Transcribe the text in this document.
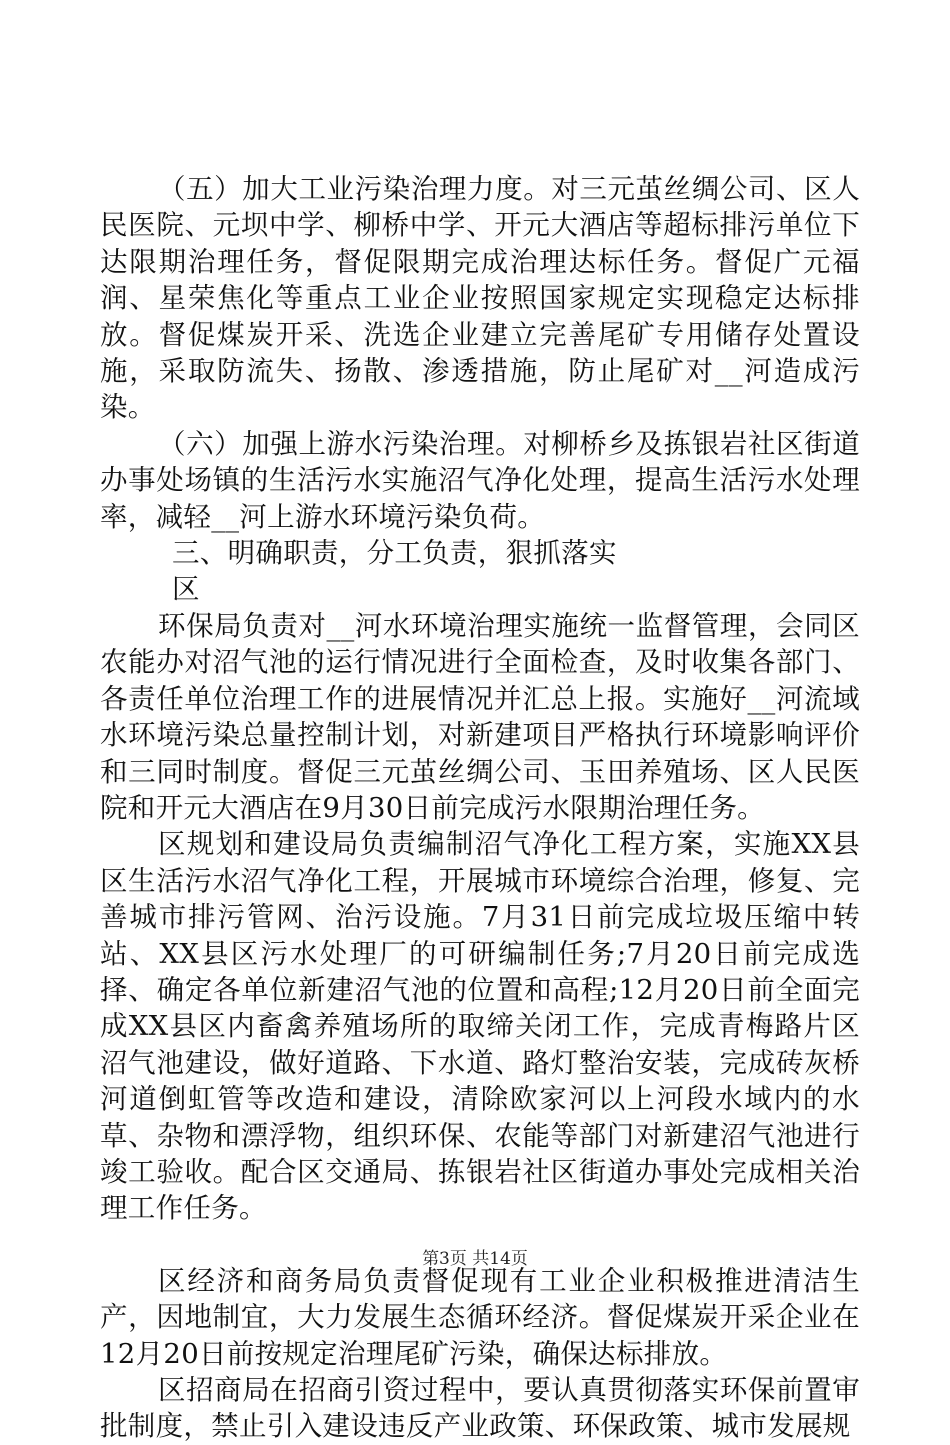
（五）加大工业污染治理力度。对三元茧丝绸公司、区人民医院、元坝中学、柳桥中学、开元大酒店等超标排污单位下达限期治理任务，督促限期完成治理达标任务。督促广元福润、星荣焦化等重点工业企业按照国家规定实现稳定达标排放。督促煤炭开采、洗选企业建立完善尾矿专用储存处置设施，采取防流失、扬散、渗透措施，防止尾矿对__河造成污染。

（六）加强上游水污染治理。对柳桥乡及拣银岩社区街道办事处场镇的生活污水实施沼气净化处理，提高生活污水处理率，减轻__河上游水环境污染负荷。

三、明确职责，分工负责，狠抓落实

区

环保局负责对__河水环境治理实施统一监督管理，会同区农能办对沼气池的运行情况进行全面检查，及时收集各部门、各责任单位治理工作的进展情况并汇总上报。实施好__河流域水环境污染总量控制计划，对新建项目严格执行环境影响评价和三同时制度。督促三元茧丝绸公司、玉田养殖场、区人民医院和开元大酒店在9月30日前完成污水限期治理任务。

区规划和建设局负责编制沼气净化工程方案，实施XX县区生活污水沼气净化工程，开展城市环境综合治理，修复、完善城市排污管网、治污设施。7月31日前完成垃圾压缩中转站、XX县区污水处理厂的可研编制任务;7月20日前完成选择、确定各单位新建沼气池的位置和高程;12月20日前全面完成XX县区内畜禽养殖场所的取缔关闭工作，完成青梅路片区沼气池建设，做好道路、下水道、路灯整治安装，完成砖灰桥河道倒虹管等改造和建设，清除欧家河以上河段水域内的水草、杂物和漂浮物，组织环保、农能等部门对新建沼气池进行竣工验收。配合区交通局、拣银岩社区街道办事处完成相关治理工作任务。

区经济和商务局负责督促现有工业企业积极推进清洁生产，因地制宜，大力发展生态循环经济。督促煤炭开采企业在12月20日前按规定治理尾矿污染，确保达标排放。

区招商局在招商引资过程中，要认真贯彻落实环保前置审批制度，禁止引入建设违反产业政策、环保政策、城市发展规

第3页 共14页
